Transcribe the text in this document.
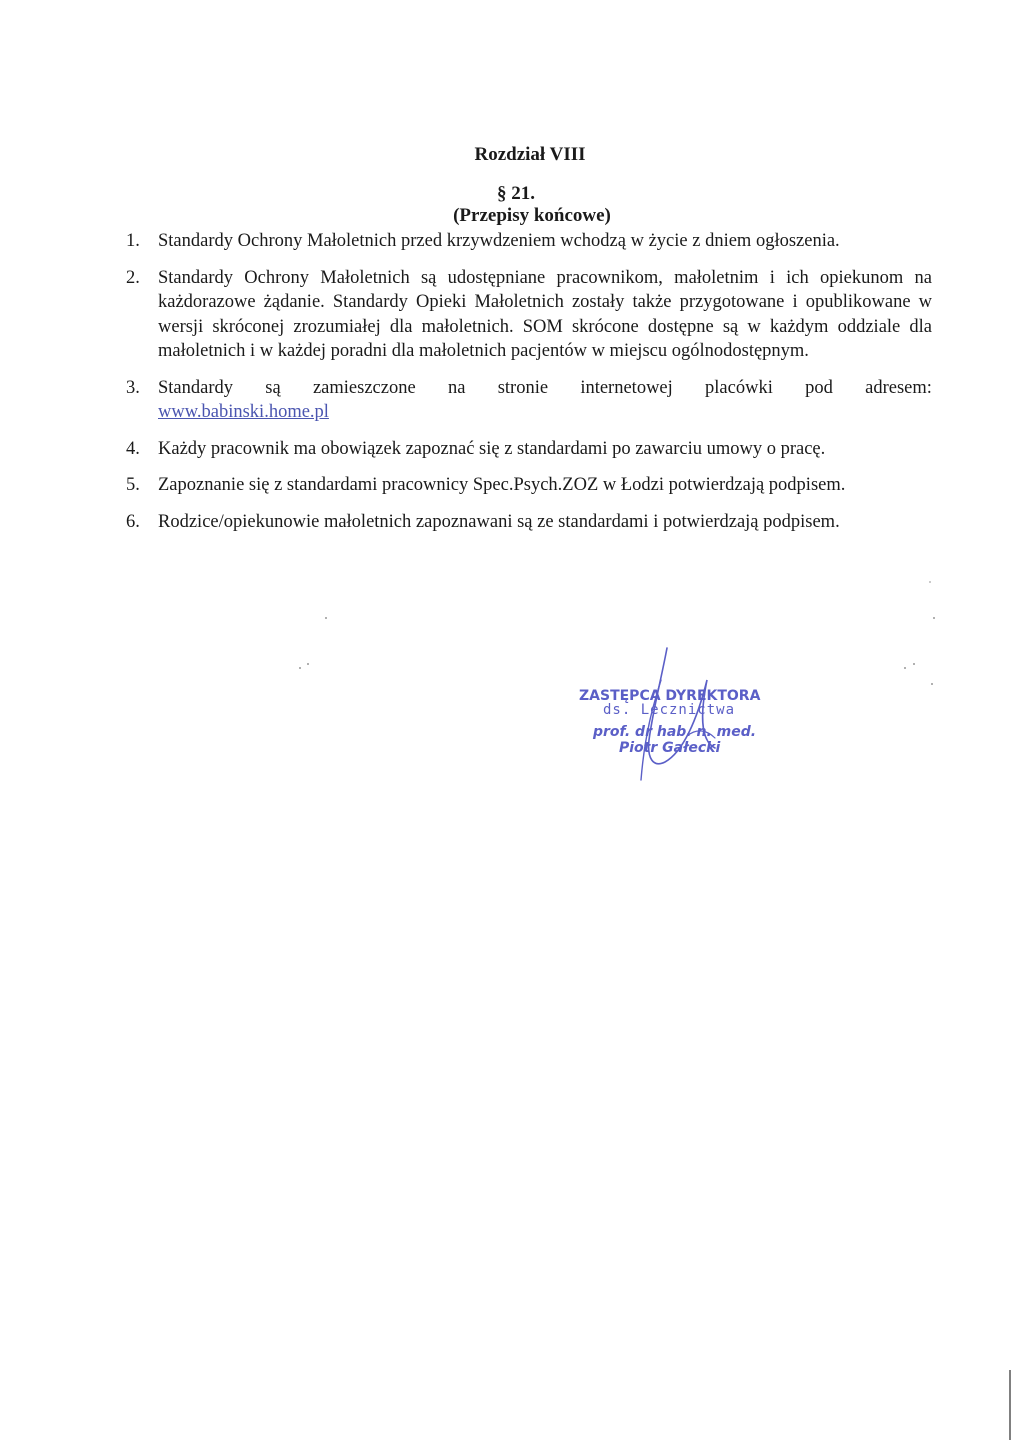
Rozdział VIII
§ 21.
(Przepisy końcowe)
1. Standardy Ochrony Małoletnich przed krzywdzeniem wchodzą w życie z dniem ogłoszenia.
2. Standardy Ochrony Małoletnich są udostępniane pracownikom, małoletnim i ich opiekunom na każdorazowe żądanie. Standardy Opieki Małoletnich zostały także przygotowane i opublikowane w wersji skróconej zrozumiałej dla małoletnich. SOM skrócone dostępne są w każdym oddziale dla małoletnich i w każdej poradni dla małoletnich pacjentów w miejscu ogólnodostępnym.
3. Standardy są zamieszczone na stronie internetowej placówki pod adresem:
www.babinski.home.pl
4. Każdy pracownik ma obowiązek zapoznać się z standardami po zawarciu umowy o pracę.
5. Zapoznanie się z standardami pracownicy Spec.Psych.ZOZ w Łodzi potwierdzają podpisem.
6. Rodzice/opiekunowie małoletnich zapoznawani są ze standardami i potwierdzają podpisem.
ZASTĘPCA DYREKTORA
ds. Lecznictwa
prof. dr hab. n. med.
Piotr Gałecki
